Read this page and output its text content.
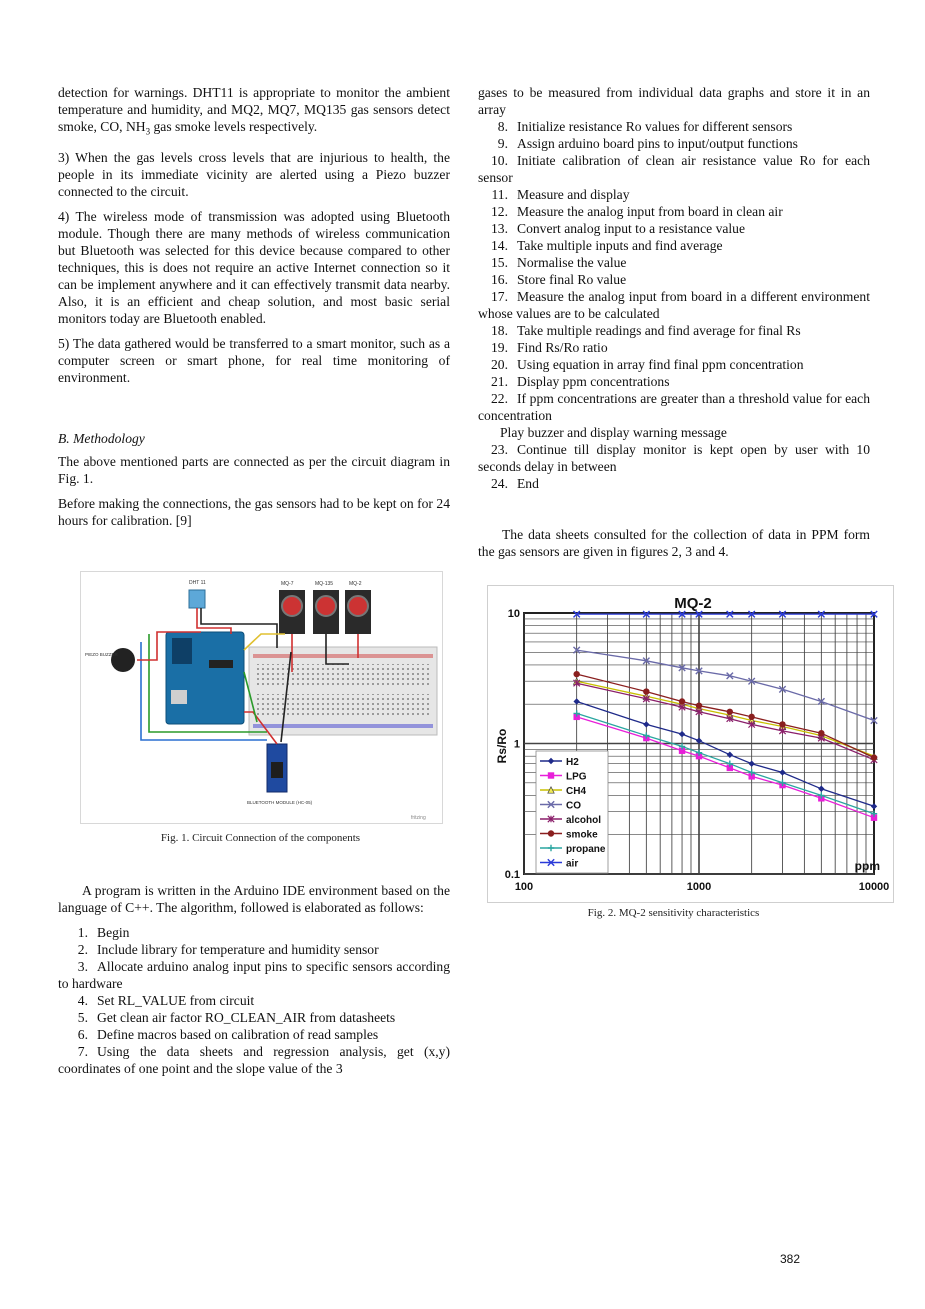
detection for warnings. DHT11 is appropriate to monitor the ambient temperature and humidity, and MQ2, MQ7, MQ135 gas sensors detect smoke, CO, $NH_3$ gas smoke levels respectively.

3) When the gas levels cross levels that are injurious to health, the people in its immediate vicinity are alerted using a Piezo buzzer connected to the circuit.

4) The wireless mode of transmission was adopted using Bluetooth module. Though there are many methods of wireless communication but Bluetooth was selected for this device because compared to other techniques, this is does not require an active Internet connection so it can be implement anywhere and it can effectively transmit data nearby. Also, it is an efficient and cheap solution, and most basic serial monitors today are Bluetooth enabled.

5) The data gathered would be transferred to a smart monitor, such as a computer screen or smart phone, for real time monitoring of environment.

B. Methodology

The above mentioned parts are connected as per the circuit diagram in Fig. 1.

Before making the connections, the gas sensors had to be kept on for 24 hours for calibration. [9]

DHT 11	MQ-7	MQ-135	MQ-2
PIEZO BUZZER
BLUETOOTH MODULE (HC-05)
fritzing
Fig. 1. Circuit Connection of the components

A program is written in the Arduino IDE environment based on the language of C++. The algorithm, followed is elaborated as follows:

1. Begin

2. Include library for temperature and humidity sensor

3. Allocate arduino analog input pins to specific sensors according to hardware

4. Set RL_VALUE from circuit

5. Get clean air factor RO_CLEAN_AIR from datasheets

6. Define macros based on calibration of read samples

7. Using the data sheets and regression analysis, get (x,y) coordinates of one point and the slope value of the 3

gases to be measured from individual data graphs and store it in an array

8. Initialize resistance Ro values for different sensors

9. Assign arduino board pins to input/output functions

10. Initiate calibration of clean air resistance value Ro for each sensor

11. Measure and display

12. Measure the analog input from board in clean air

13. Convert analog input to a resistance value

14. Take multiple inputs and find average

15. Normalise the value

16. Store final Ro value

17. Measure the analog input from board in a different environment whose values are to be calculated

18. Take multiple readings and find average for final Rs

19. Find Rs/Ro ratio

20. Using equation in array find final ppm concentration

21. Display ppm concentrations

22. If ppm concentrations are greater than a threshold value for each concentration

Play buzzer and display warning message

23. Continue till display monitor is kept open by user with 10 seconds delay in between

24. End

The data sheets consulted for the collection of data in PPM form the gas sensors are given in figures 2, 3 and 4.

MQ-2
100	1000	10000
0.1
1
10
H2
LPG
CH4
CO
alcohol
smoke
propane
air
Rs/Ro
ppm
Fig. 2. MQ-2 sensitivity characteristics
382
